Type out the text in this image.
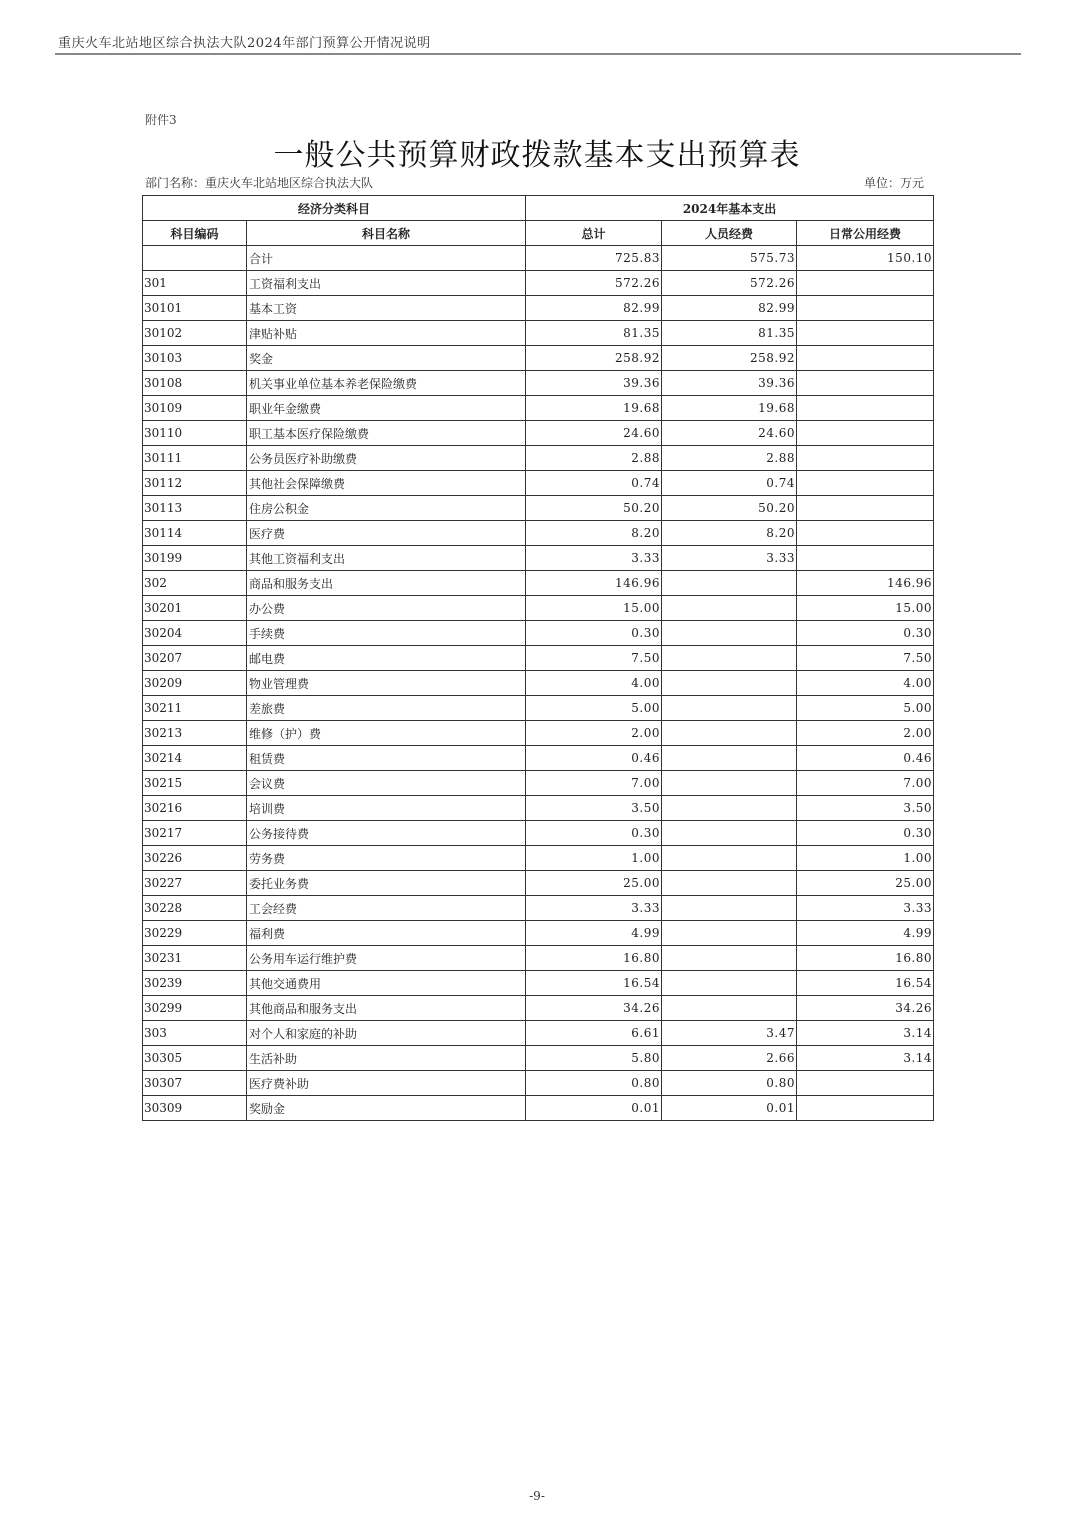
重庆火车北站地区综合执法大队2024年部门预算公开情况说明
附件3
一般公共预算财政拨款基本支出预算表
部门名称：重庆火车北站地区综合执法大队	单位：万元
经济分类科目		2024年基本支出		
科目编码	科目名称	总计	人员经费	日常公用经费
	合计	725.83	575.73	150.10
301	工资福利支出	572.26	572.26	
30101	基本工资	82.99	82.99	
30102	津贴补贴	81.35	81.35	
30103	奖金	258.92	258.92	
30108	机关事业单位基本养老保险缴费	39.36	39.36	
30109	职业年金缴费	19.68	19.68	
30110	职工基本医疗保险缴费	24.60	24.60	
30111	公务员医疗补助缴费	2.88	2.88	
30112	其他社会保障缴费	0.74	0.74	
30113	住房公积金	50.20	50.20	
30114	医疗费	8.20	8.20	
30199	其他工资福利支出	3.33	3.33	
302	商品和服务支出	146.96		146.96
30201	办公费	15.00		15.00
30204	手续费	0.30		0.30
30207	邮电费	7.50		7.50
30209	物业管理费	4.00		4.00
30211	差旅费	5.00		5.00
30213	维修（护）费	2.00		2.00
30214	租赁费	0.46		0.46
30215	会议费	7.00		7.00
30216	培训费	3.50		3.50
30217	公务接待费	0.30		0.30
30226	劳务费	1.00		1.00
30227	委托业务费	25.00		25.00
30228	工会经费	3.33		3.33
30229	福利费	4.99		4.99
30231	公务用车运行维护费	16.80		16.80
30239	其他交通费用	16.54		16.54
30299	其他商品和服务支出	34.26		34.26
303	对个人和家庭的补助	6.61	3.47	3.14
30305	生活补助	5.80	2.66	3.14
30307	医疗费补助	0.80	0.80	
30309	奖励金	0.01	0.01	
-9-
